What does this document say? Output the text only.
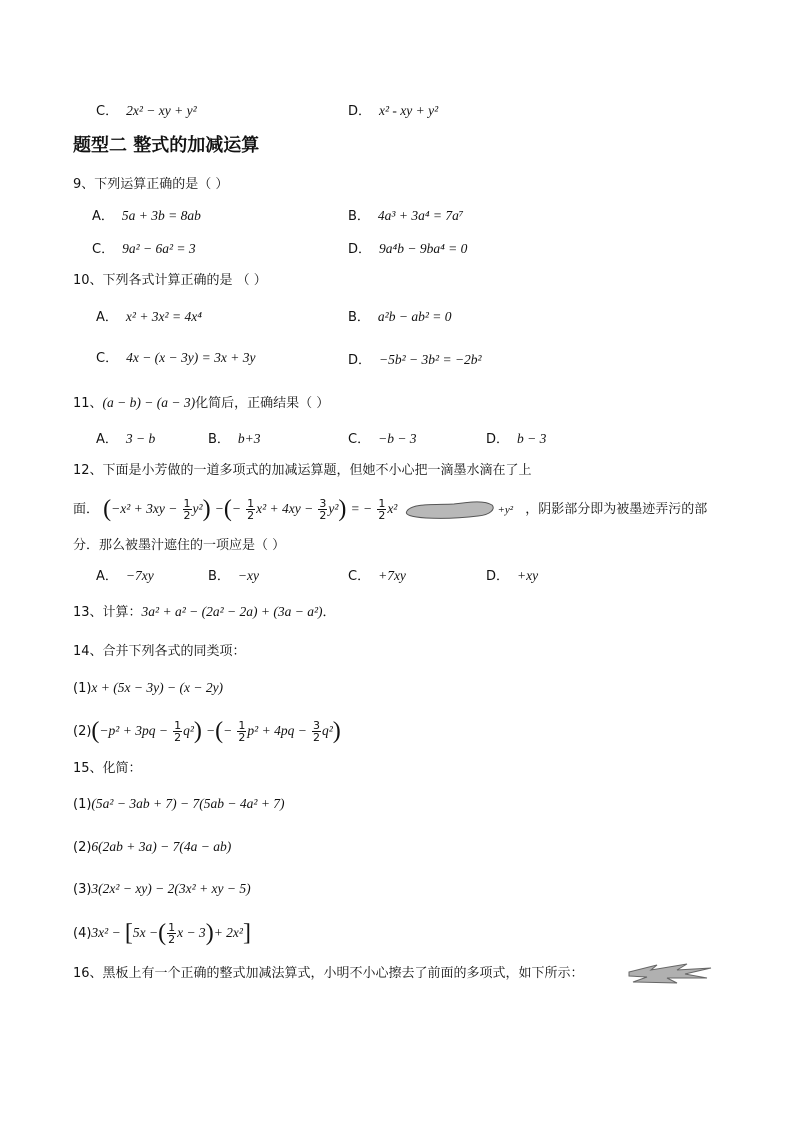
C． 2x² − xy + y²	D． x² - xy + y²
题型二 整式的加减运算
9、下列运算正确的是（ ）
A． 5a + 3b = 8ab	B． 4a³ + 3a⁴ = 7a⁷
C． 9a² − 6a² = 3	D． 9a⁴b − 9ba⁴ = 0
10、下列各式计算正确的是 （ ）
A． x² + 3x² = 4x⁴	B． a²b − ab² = 0
C． 4x − (x − 3y) = 3x + 3y	D． −5b² − 3b² = −2b²
11、(a − b) − (a − 3)化简后，正确结果（ ）
A． 3 − b	B． b+3	C． −b − 3	D． b − 3
12、下面是小芳做的一道多项式的加减运算题，但她不小心把一滴墨水滴在了上
面． $(-x^2 + 3xy - \frac{1}{2} y^2)$ −(− $\frac{1}{2} x^2 + 4xy - \frac{3}{2} y^2$) = − $\frac{1}{2} x^2$	+y² ，阴影部分即为被墨迹弄污的部
分．那么被墨汁遮住的一项应是（ ）
A． −7xy	B． −xy	C． +7xy	D． +xy
13、计算：3a² + a² − (2a² − 2a) + (3a − a²)．
14、合并下列各式的同类项：
(1)x + (5x − 3y) − (x − 2y)
$(2)(-p^2 + 3pq - \frac{1}{2} q^2)$ −(− $\frac{1}{2} p^2 + 4pq - \frac{3}{2} q^2$)
15、化简：
(1)(5a² − 3ab + 7) − 7(5ab − 4a² + 7)
(2)6(2ab + 3a) − 7(4a − ab)
(3)3(2x² − xy) − 2(3x² + xy − 5)
(4)3x² − [5x −( $\frac{1}{2}$ x − 3)+ 2x²]
16、黑板上有一个正确的整式加减法算式，小明不小心擦去了前面的多项式，如下所示：
